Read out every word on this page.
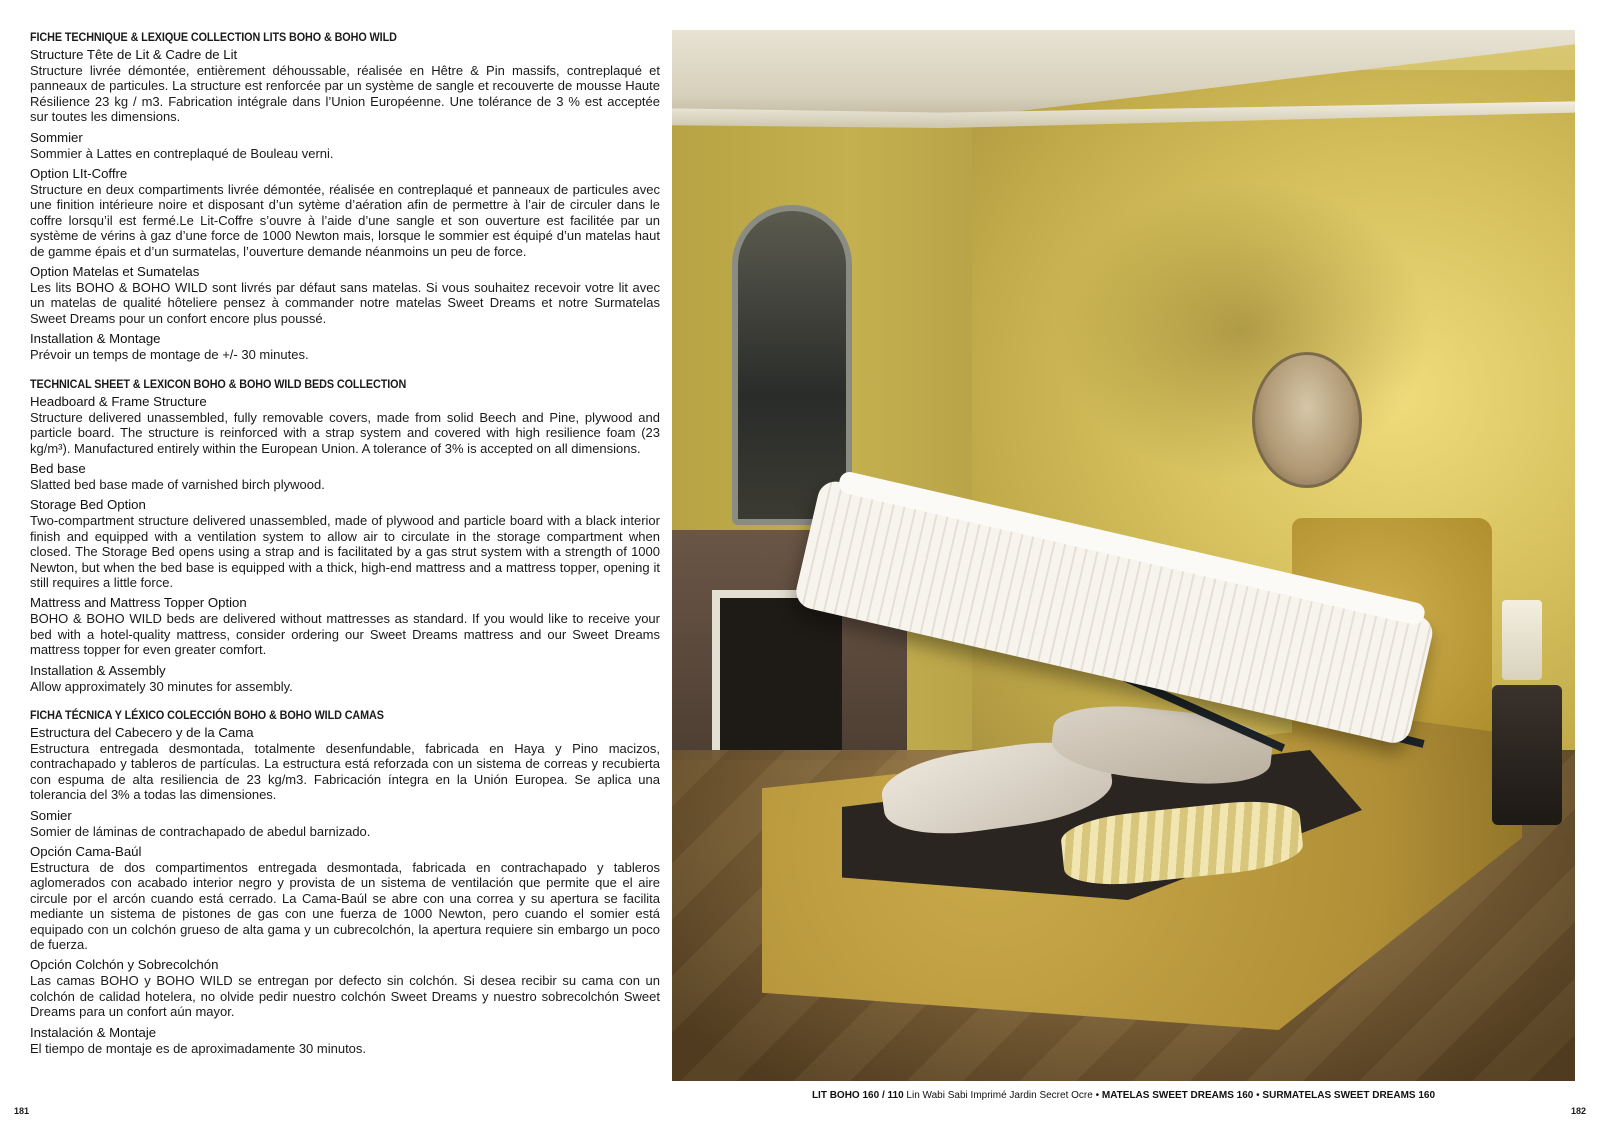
FICHE TECHNIQUE & LEXIQUE COLLECTION LITS BOHO & BOHO WILD
Structure Tête de Lit & Cadre de Lit
Structure livrée démontée, entièrement déhoussable, réalisée en Hêtre & Pin massifs, contreplaqué et panneaux de particules. La structure est renforcée par un système de sangle et recouverte de mousse Haute Résilience 23 kg / m3. Fabrication intégrale dans l’Union Européenne. Une tolérance de 3 % est acceptée sur toutes les dimensions.
Sommier
Sommier à Lattes en contreplaqué de Bouleau verni.
Option LIt-Coffre
Structure en deux compartiments livrée démontée, réalisée en contreplaqué et panneaux de particules avec une finition intérieure noire et disposant d’un sytème d’aération afin de permettre à l’air de circuler dans le coffre lorsqu’il est fermé.Le Lit-Coffre s’ouvre à l’aide d’une sangle et son ouverture est facilitée par un système de vérins à gaz d’une force de 1000 Newton mais, lorsque le sommier est équipé d’un matelas haut de gamme épais et d’un surmatelas, l’ouverture demande néanmoins un peu de force.
Option Matelas et Sumatelas
Les lits BOHO & BOHO WILD sont livrés par défaut sans matelas. Si vous souhaitez recevoir votre lit avec un matelas de qualité hôteliere pensez à commander notre matelas Sweet Dreams et notre Surmatelas Sweet Dreams pour un confort encore plus poussé.
Installation & Montage
Prévoir un temps de montage de +/- 30 minutes.
TECHNICAL SHEET & LEXICON BOHO & BOHO WILD BEDS COLLECTION
Headboard & Frame Structure
Structure delivered unassembled, fully removable covers, made from solid Beech and Pine, plywood and particle board. The structure is reinforced with a strap system and covered with high resilience foam (23 kg/m³). Manufactured entirely within the European Union. A tolerance of 3% is accepted on all dimensions.
Bed base
Slatted bed base made of varnished birch plywood.
Storage Bed Option
Two-compartment structure delivered unassembled, made of plywood and particle board with a black interior finish and equipped with a ventilation system to allow air to circulate in the storage compartment when closed. The Storage Bed opens using a strap and is facilitated by a gas strut system with a strength of 1000 Newton, but when the bed base is equipped with a thick, high-end mattress and a mattress topper, opening it still requires a little force.
Mattress and Mattress Topper Option
BOHO & BOHO WILD beds are delivered without mattresses as standard. If you would like to receive your bed with a hotel-quality mattress, consider ordering our Sweet Dreams mattress and our Sweet Dreams mattress topper for even greater comfort.
Installation & Assembly
Allow approximately 30 minutes for assembly.
FICHA TÉCNICA Y LÉXICO COLECCIÓN BOHO & BOHO WILD CAMAS
Estructura del Cabecero y de la Cama
Estructura entregada desmontada, totalmente desenfundable, fabricada en Haya y Pino macizos, contrachapado y tableros de partículas. La estructura está reforzada con un sistema de correas y recubierta con espuma de alta resiliencia de 23 kg/m3. Fabricación íntegra en la Unión Europea. Se aplica una tolerancia del 3% a todas las dimensiones.
Somier
Somier de láminas de contrachapado de abedul barnizado.
Opción Cama-Baúl
Estructura de dos compartimentos entregada desmontada, fabricada en contrachapado y tableros aglomerados con acabado interior negro y provista de un sistema de ventilación que permite que el aire circule por el arcón cuando está cerrado. La Cama-Baúl se abre con una correa y su apertura se facilita mediante un sistema de pistones de gas con une fuerza de 1000 Newton, pero cuando el somier está equipado con un colchón grueso de alta gama y un cubrecolchón, la apertura requiere sin embargo un poco de fuerza.
Opción Colchón y Sobrecolchón
Las camas BOHO y BOHO WILD se entregan por defecto sin colchón. Si desea recibir su cama con un colchón de calidad hotelera, no olvide pedir nuestro colchón Sweet Dreams y nuestro sobrecolchón Sweet Dreams para un confort aún mayor.
Instalación & Montaje
El tiempo de montaje es de aproximadamente 30 minutos.
LIT BOHO 160 / 110 Lin Wabi Sabi Imprimé Jardin Secret Ocre • MATELAS SWEET DREAMS 160 • SURMATELAS SWEET DREAMS 160
181	182
